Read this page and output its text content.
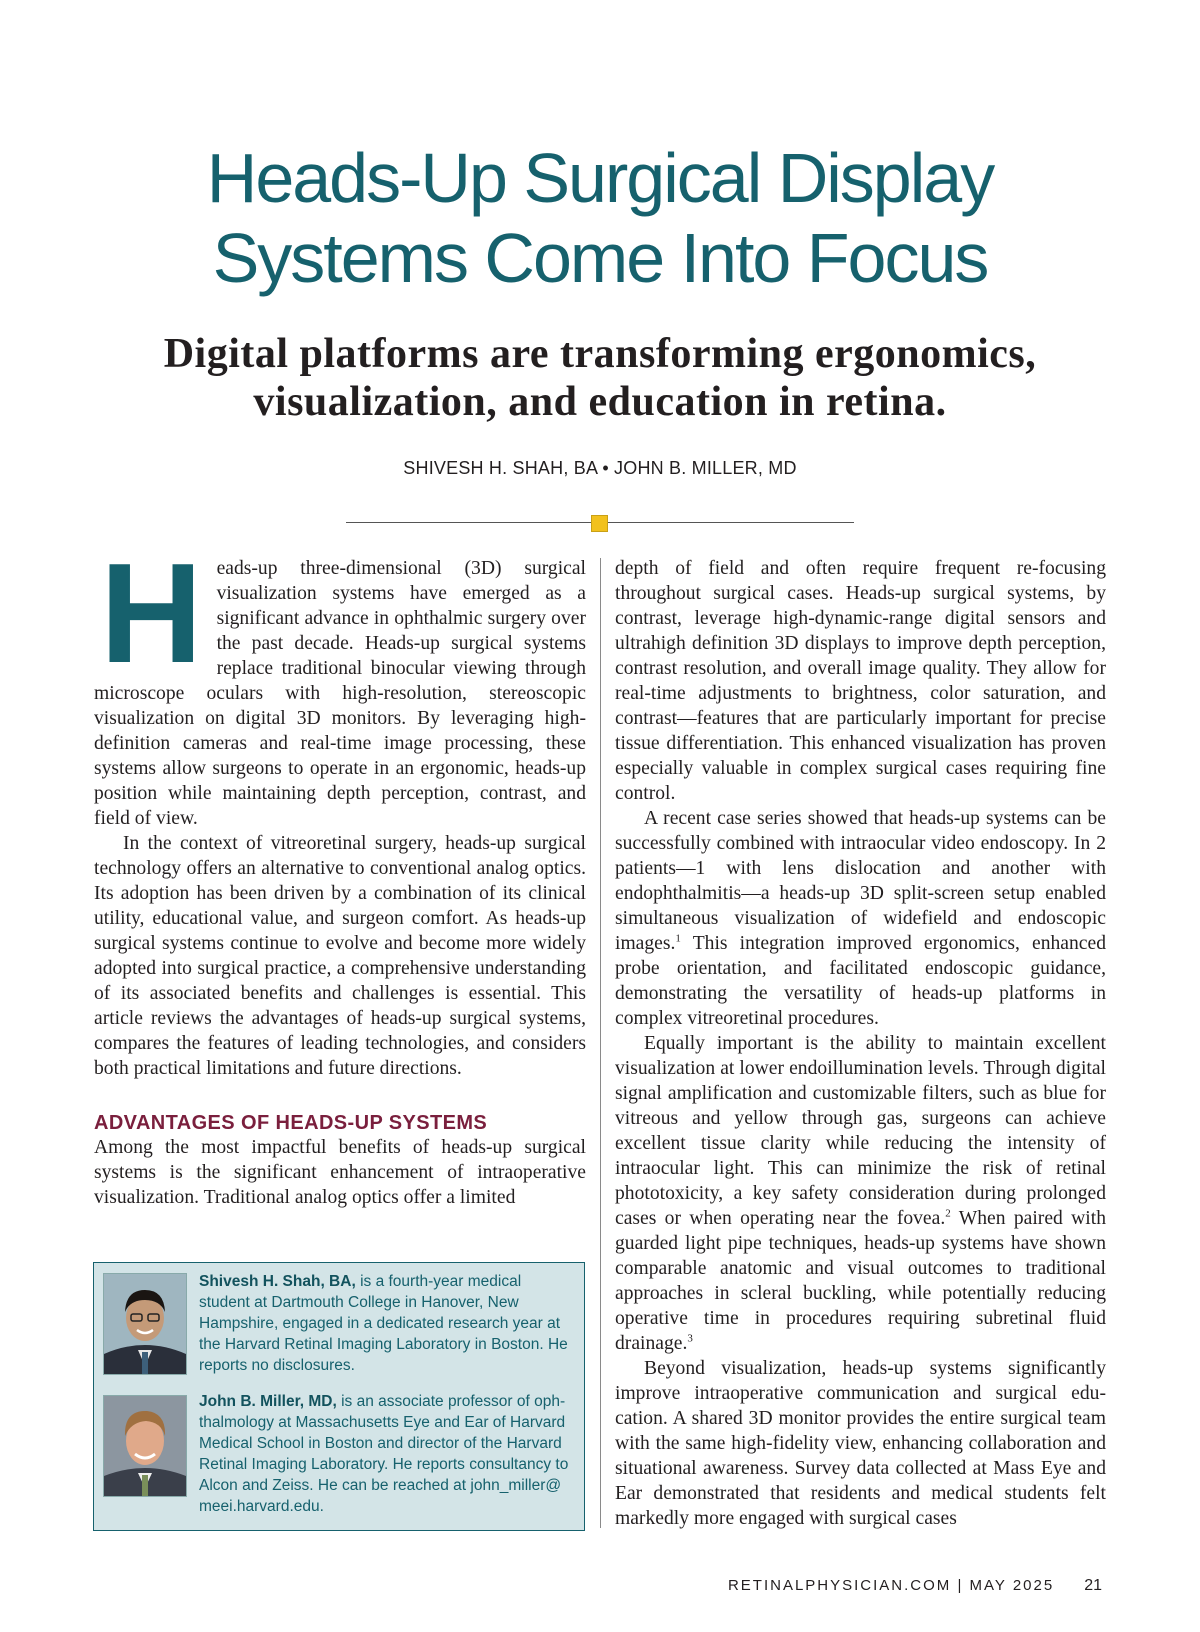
Heads-Up Surgical Display
Systems Come Into Focus
Digital platforms are transforming ergonomics,
visualization, and education in retina.
SHIVESH H. SHAH, BA • JOHN B. MILLER, MD

Heads-up three-dimensional (3D) surgical visualization systems have emerged as a significant advance in ophthalmic surgery over the past decade. Heads-up surgical systems replace traditional binocular viewing through microscope oculars with high-resolution, stereoscopic visualization on digital 3D monitors. By leveraging high-definition cameras and real-time image processing, these systems allow surgeons to operate in an ergonomic, heads-up position while maintaining depth perception, contrast, and field of view.

In the context of vitreoretinal surgery, heads-up surgical technology offers an alternative to conventional analog optics. Its adoption has been driven by a combination of its clinical utility, educational value, and surgeon comfort. As heads-up surgical systems continue to evolve and become more widely adopted into surgical practice, a comprehensive understanding of its associated benefits and challenges is essential. This article reviews the advantages of heads-up surgical systems, compares the features of leading technologies, and considers both practical limitations and future directions.

ADVANTAGES OF HEADS-UP SYSTEMS

Among the most impactful benefits of heads-up surgical systems is the significant enhancement of intraoperative visualization. Traditional analog optics offer a limited

depth of field and often require frequent re-focusing throughout surgical cases. Heads-up surgical systems, by contrast, leverage high-dynamic-range digital sensors and ultrahigh definition 3D displays to improve depth perception, contrast resolution, and overall image quality. They allow for real-time adjustments to brightness, color saturation, and contrast—features that are particularly important for precise tissue differentiation. This enhanced visualization has proven especially valuable in complex surgical cases requiring fine control.

A recent case series showed that heads-up systems can be successfully combined with intraocular video endoscopy. In 2 patients—1 with lens dislocation and another with endophthalmitis—a heads-up 3D split-screen setup enabled simultaneous visualization of widefield and endoscopic images.$^1$ This integration improved ergonomics, enhanced probe orientation, and facilitated endoscopic guidance, demonstrating the versatility of heads-up platforms in complex vitreoretinal procedures.

Equally important is the ability to maintain excellent visualization at lower endoillumination levels. Through digital signal amplification and customizable filters, such as blue for vitreous and yellow through gas, surgeons can achieve excellent tissue clarity while reducing the intensity of intraocular light. This can minimize the risk of retinal phototoxicity, a key safety consideration during prolonged cases or when operating near the fovea.$^2$ When paired with guarded light pipe techniques, heads-up systems have shown comparable anatomic and visual outcomes to traditional approaches in scleral buckling, while potentially reducing operative time in procedures requiring subretinal fluid drainage.$^3$

Beyond visualization, heads-up systems significantly improve intraoperative communication and surgical education. A shared 3D monitor provides the entire surgical team with the same high-fidelity view, enhancing collaboration and situational awareness. Survey data collected at Mass Eye and Ear demonstrated that residents and medical students felt markedly more engaged with surgical cases

Shivesh H. Shah, BA, is a fourth-year medical student at Dartmouth College in Hanover, New Hampshire, engaged in a dedicated research year at the Harvard Retinal Imaging Laboratory in Boston. He reports no disclosures.
John B. Miller, MD, is an associate professor of ophthalmology at Massachusetts Eye and Ear of Harvard Medical School in Boston and director of the Harvard Retinal Imaging Laboratory. He reports consultancy to Alcon and Zeiss. He can be reached at john_miller@ meei.harvard.edu.
RETINALPHYSICIAN.COM | MAY 2025 21
